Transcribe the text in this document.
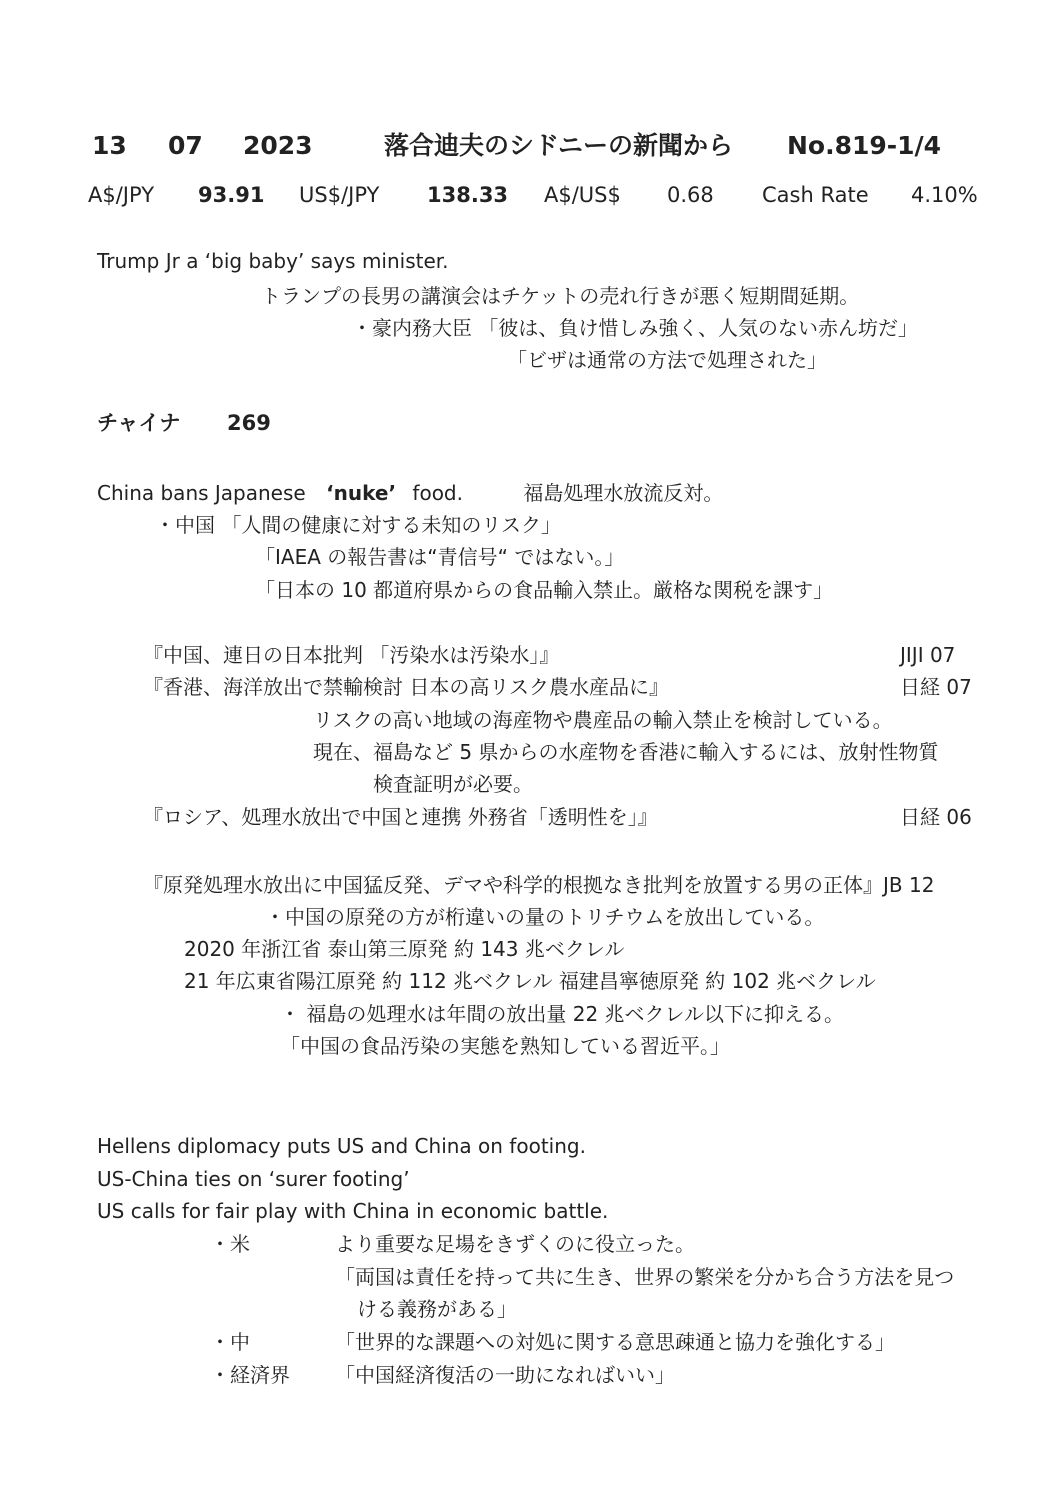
13 07 2023	落合迪夫のシドニーの新聞から No.819-1/4
A$/JPY 93.91 US$/JPY 138.33 A$/US$ 0.68 Cash Rate 4.10%
Trump Jr a ‘big baby’ says minister.
トランプの長男の講演会はチケットの売れ行きが悪く短期間延期。
・豪内務大臣 「彼は、負け惜しみ強く、人気のない赤ん坊だ」
「ビザは通常の方法で処理された」
チャイナ 269
China bans Japanese ‘nuke’ food.	福島処理水放流反対。
・中国 「人間の健康に対する未知のリスク」
「IAEA の報告書は“青信号“ ではない。」
「日本の 10 都道府県からの食品輸入禁止。厳格な関税を課す」
『中国、連日の日本批判 「汚染水は汚染水」』	JIJI 07
『香港、海洋放出で禁輸検討 日本の高リスク農水産品に』	日経 07
リスクの高い地域の海産物や農産品の輸入禁止を検討している。
現在、福島など 5 県からの水産物を香港に輸入するには、放射性物質
検査証明が必要。
『ロシア、処理水放出で中国と連携 外務省「透明性を」』	日経 06
『原発処理水放出に中国猛反発、デマや科学的根拠なき批判を放置する男の正体』JB 12
・中国の原発の方が桁違いの量のトリチウムを放出している。
2020 年浙江省 泰山第三原発 約 143 兆ベクレル
21 年広東省陽江原発 約 112 兆ベクレル 福建昌寧徳原発 約 102 兆ベクレル
・ 福島の処理水は年間の放出量 22 兆ベクレル以下に抑える。
「中国の食品汚染の実態を熟知している習近平。」
Hellens diplomacy puts US and China on footing.
US-China ties on ‘surer footing’
US calls for fair play with China in economic battle.
・米	より重要な足場をきずくのに役立った。
「両国は責任を持って共に生き、世界の繁栄を分かち合う方法を見つ
ける義務がある」
・中	「世界的な課題への対処に関する意思疎通と協力を強化する」
・経済界 「中国経済復活の一助になればいい」
